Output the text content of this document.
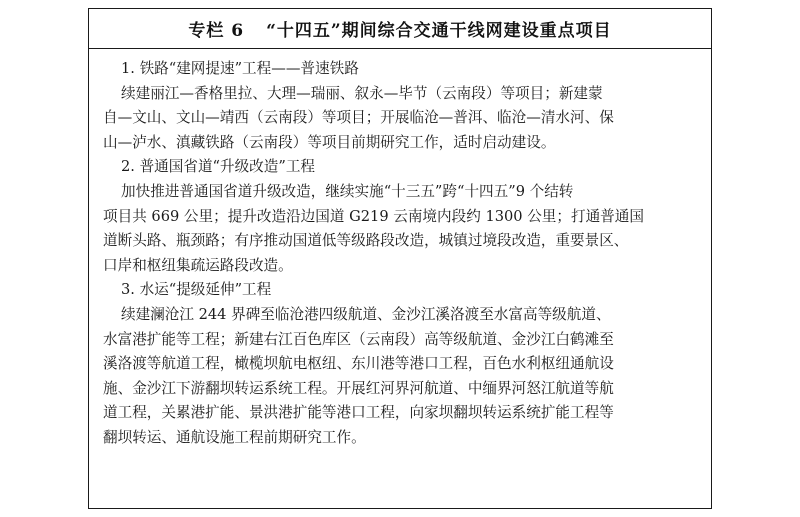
专栏 6 “十四五”期间综合交通干线网建设重点项目
1. 铁路“建网提速”工程——普速铁路
续建丽江—香格里拉、大理—瑞丽、叙永—毕节（云南段）等项目；新建蒙
自—文山、文山—靖西（云南段）等项目；开展临沧—普洱、临沧—清水河、保
山—泸水、滇藏铁路（云南段）等项目前期研究工作，适时启动建设。
2. 普通国省道“升级改造”工程
加快推进普通国省道升级改造，继续实施“十三五”跨“十四五”9 个结转
项目共 669 公里；提升改造沿边国道 G219 云南境内段约 1300 公里；打通普通国
道断头路、瓶颈路；有序推动国道低等级路段改造，城镇过境段改造，重要景区、
口岸和枢纽集疏运路段改造。
3. 水运“提级延伸”工程
续建澜沧江 244 界碑至临沧港四级航道、金沙江溪洛渡至水富高等级航道、
水富港扩能等工程；新建右江百色库区（云南段）高等级航道、金沙江白鹤滩至
溪洛渡等航道工程，橄榄坝航电枢纽、东川港等港口工程，百色水利枢纽通航设
施、金沙江下游翻坝转运系统工程。开展红河界河航道、中缅界河怒江航道等航
道工程，关累港扩能、景洪港扩能等港口工程，向家坝翻坝转运系统扩能工程等
翻坝转运、通航设施工程前期研究工作。
